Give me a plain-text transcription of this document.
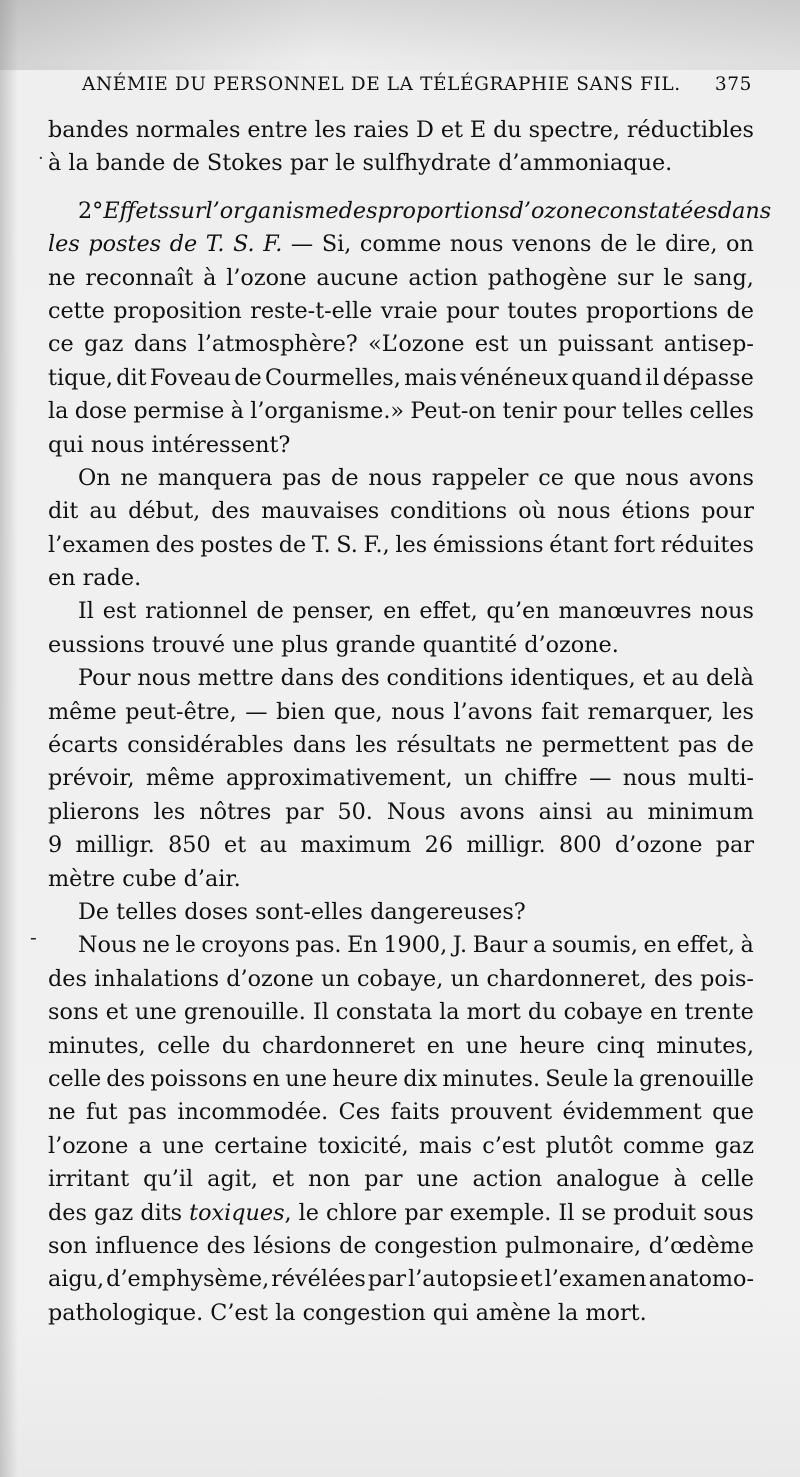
ANÉMIE DU PERSONNEL DE LA TÉLÉGRAPHIE SANS FIL. 375
·
-
bandes normales entre les raies D et E du spectre, réductibles
à la bande de Stokes par le sulfhydrate d’ammoniaque.
2° Effets sur l’organisme des proportions d’ozone constatées dans
les postes de T. S. F. — Si, comme nous venons de le dire, on
ne reconnaît à l’ozone aucune action pathogène sur le sang,
cette proposition reste-t-elle vraie pour toutes proportions de
ce gaz dans l’atmosphère? «L’ozone est un puissant antisep-
tique, dit Foveau de Courmelles, mais vénéneux quand il dépasse
la dose permise à l’organisme.» Peut-on tenir pour telles celles
qui nous intéressent?
On ne manquera pas de nous rappeler ce que nous avons
dit au début, des mauvaises conditions où nous étions pour
l’examen des postes de T. S. F., les émissions étant fort réduites
en rade.
Il est rationnel de penser, en effet, qu’en manœuvres nous
eussions trouvé une plus grande quantité d’ozone.
Pour nous mettre dans des conditions identiques, et au delà
même peut-être, — bien que, nous l’avons fait remarquer, les
écarts considérables dans les résultats ne permettent pas de
prévoir, même approximativement, un chiffre — nous multi-
plierons les nôtres par 50. Nous avons ainsi au minimum
9 milligr. 850 et au maximum 26 milligr. 800 d’ozone par
mètre cube d’air.
De telles doses sont-elles dangereuses?
Nous ne le croyons pas. En 1900, J. Baur a soumis, en effet, à
des inhalations d’ozone un cobaye, un chardonneret, des pois-
sons et une grenouille. Il constata la mort du cobaye en trente
minutes, celle du chardonneret en une heure cinq minutes,
celle des poissons en une heure dix minutes. Seule la grenouille
ne fut pas incommodée. Ces faits prouvent évidemment que
l’ozone a une certaine toxicité, mais c’est plutôt comme gaz
irritant qu’il agit, et non par une action analogue à celle
des gaz dits toxiques, le chlore par exemple. Il se produit sous
son influence des lésions de congestion pulmonaire, d’œdème
aigu, d’emphysème, révélées par l’autopsie et l’examen anatomo-
pathologique. C’est la congestion qui amène la mort.
